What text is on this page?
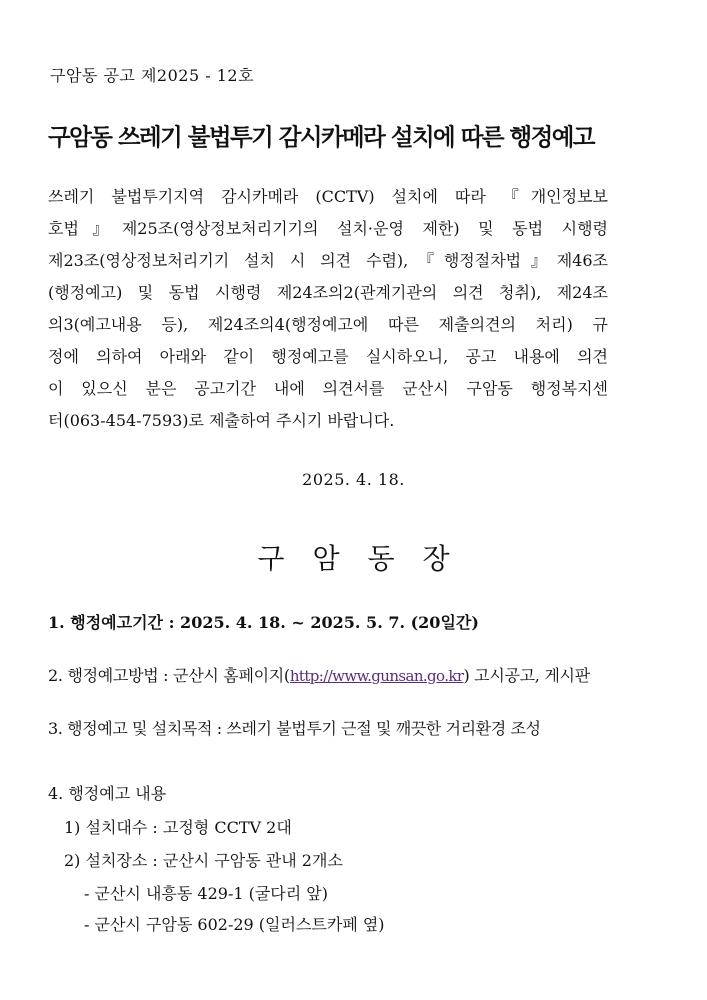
구암동 공고 제2025 - 12호
구암동 쓰레기 불법투기 감시카메라 설치에 따른 행정예고
쓰레기 불법투기지역 감시카메라 (CCTV) 설치에 따라 『개인정보보
호법』제25조(영상정보처리기기의 설치·운영 제한) 및 동법 시행령
제23조(영상정보처리기기 설치 시 의견 수렴),『행정절차법』제46조
(행정예고) 및 동법 시행령 제24조의2(관계기관의 의견 청취), 제24조
의3(예고내용 등), 제24조의4(행정예고에 따른 제출의견의 처리) 규
정에 의하여 아래와 같이 행정예고를 실시하오니, 공고 내용에 의견
이 있으신 분은 공고기간 내에 의견서를 군산시 구암동 행정복지센
터(063-454-7593)로 제출하여 주시기 바랍니다.
2025. 4. 18.
구암동장
1. 행정예고기간 : 2025. 4. 18. ~ 2025. 5. 7. (20일간)
2. 행정예고방법 : 군산시 홈페이지(http://www.gunsan.go.kr) 고시공고, 게시판
3. 행정예고 및 설치목적 : 쓰레기 불법투기 근절 및 깨끗한 거리환경 조성
4. 행정예고 내용
1) 설치대수 : 고정형 CCTV 2대
2) 설치장소 : 군산시 구암동 관내 2개소
- 군산시 내흥동 429-1 (굴다리 앞)
- 군산시 구암동 602-29 (일러스트카페 옆)
